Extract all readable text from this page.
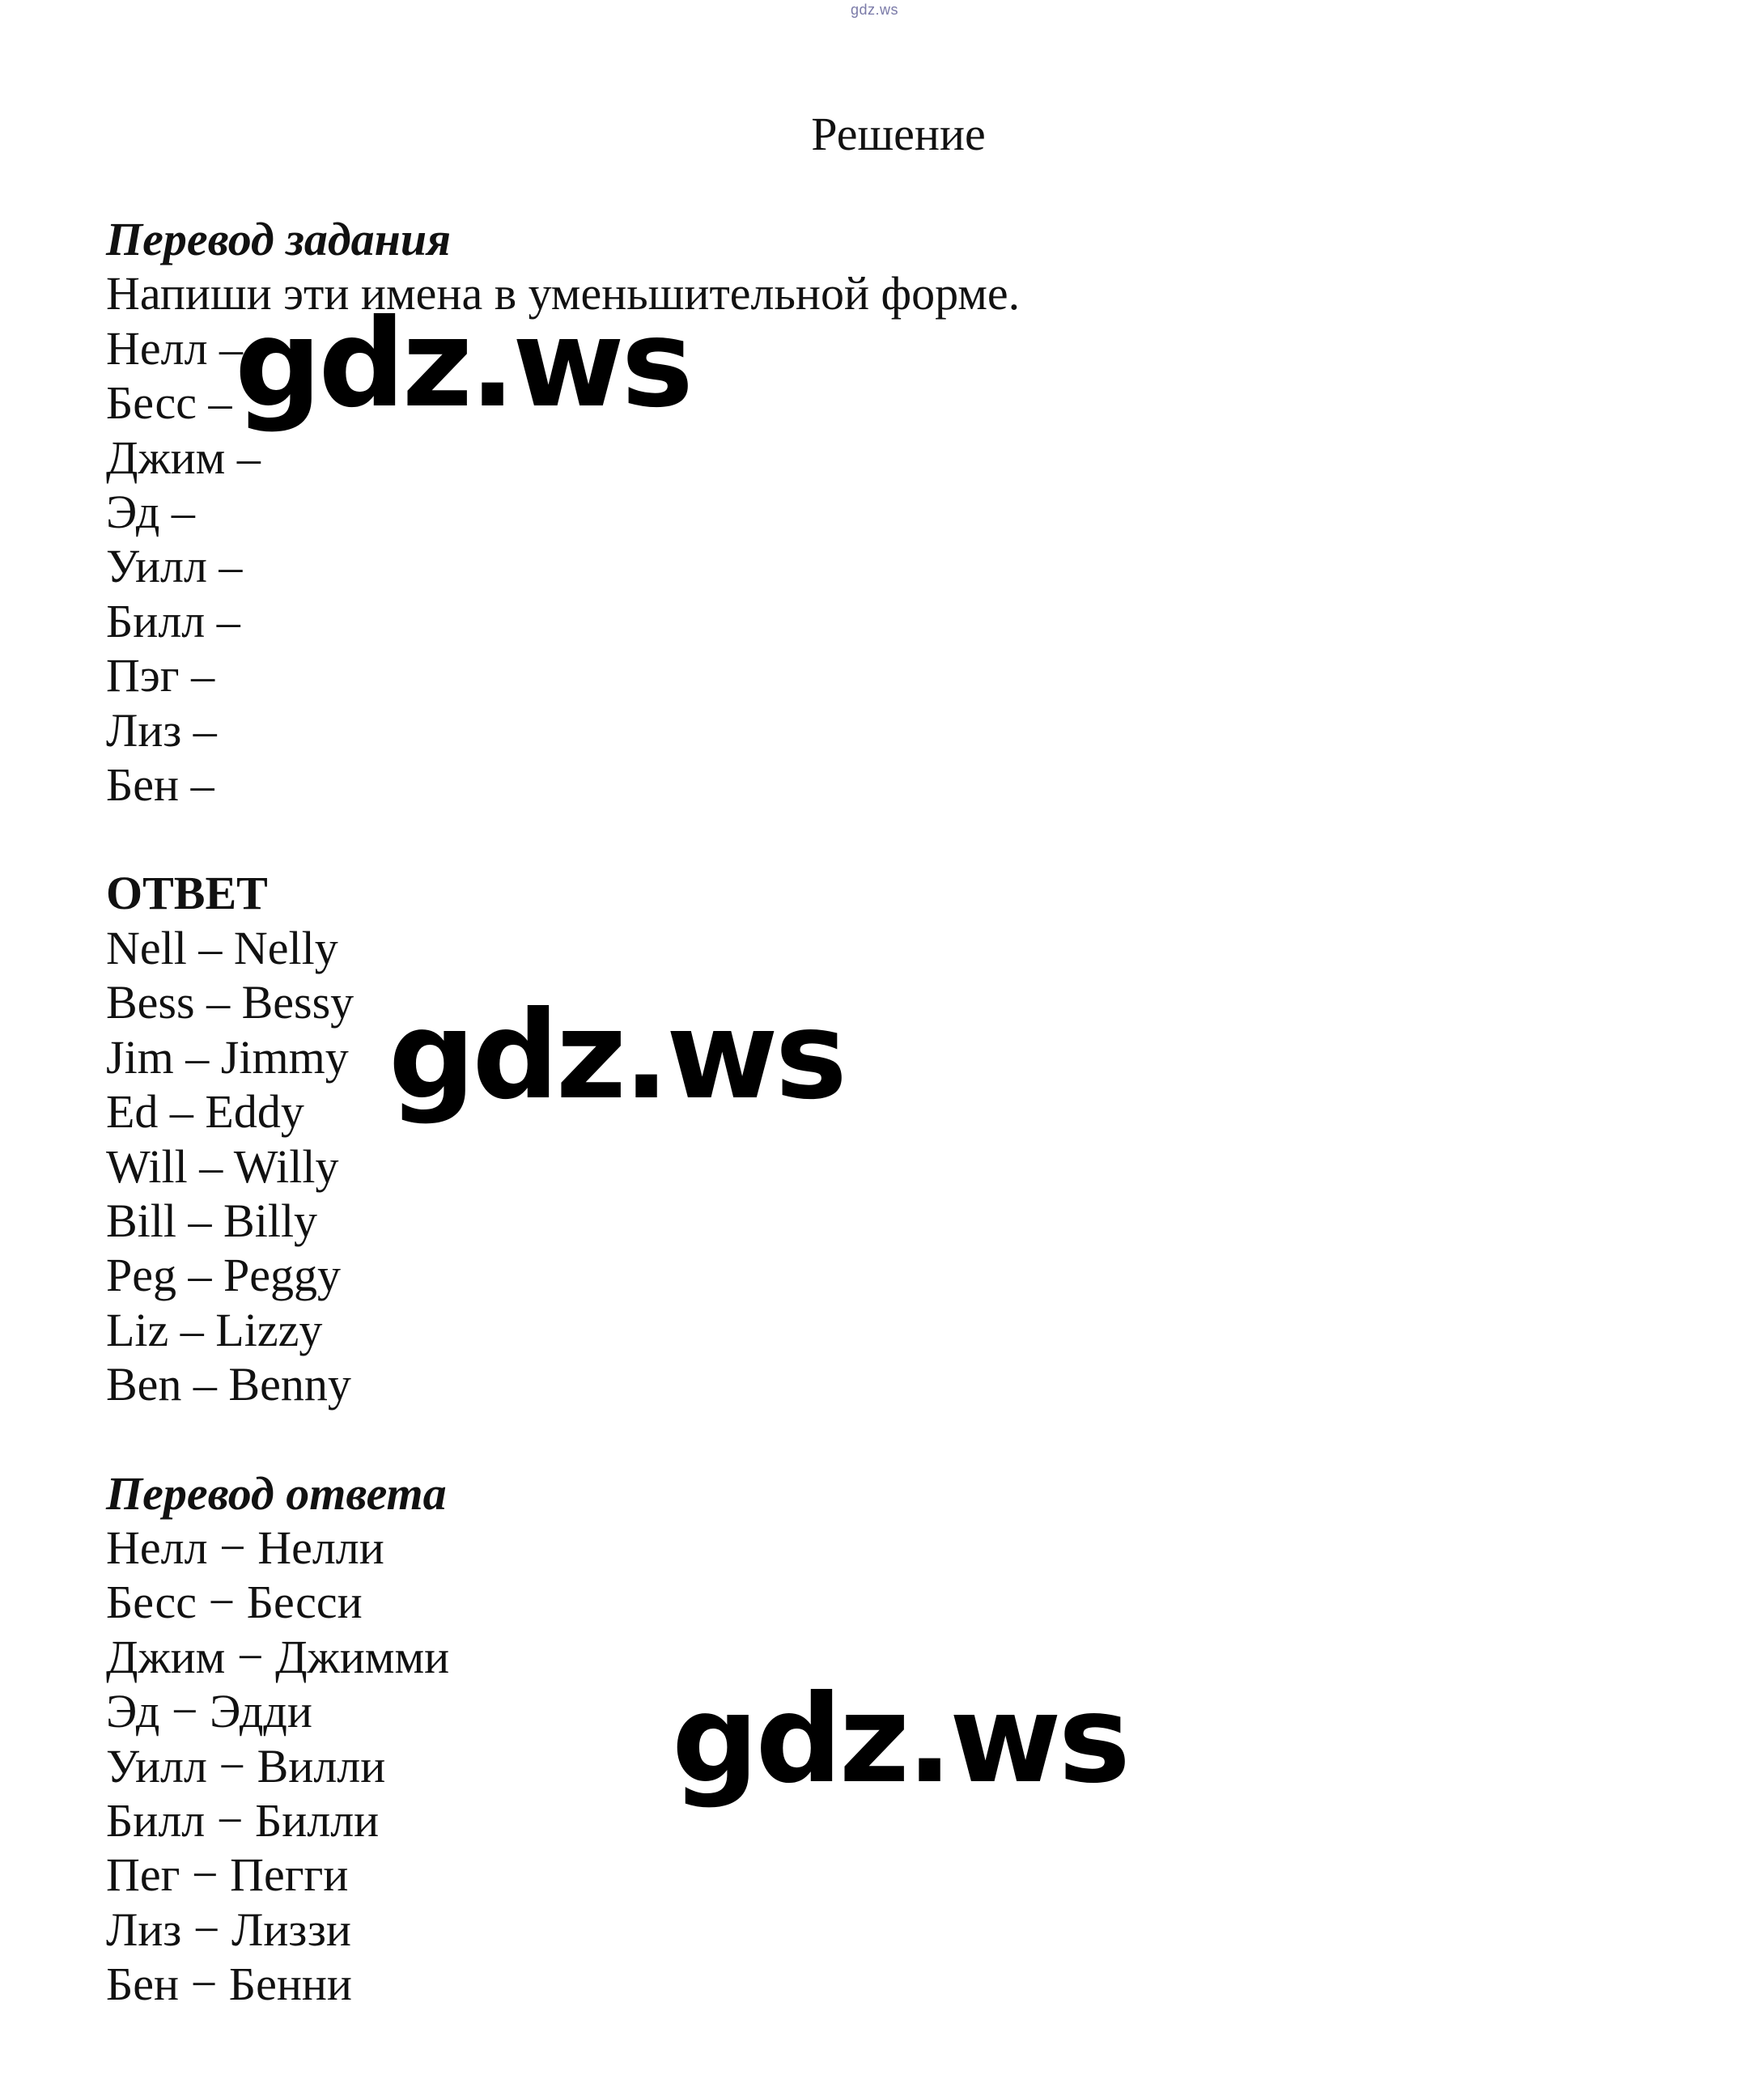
gdz.ws
Решение
Перевод задания
Напиши эти имена в уменьшительной форме.
Нелл –
Бесс –
Джим –
Эд –
Уилл –
Билл –
Пэг –
Лиз –
Бен –
ОТВЕТ
Nell – Nelly
Bess – Bessy
Jim – Jimmy
Ed – Eddy
Will – Willy
Bill – Billy
Peg – Peggy
Liz – Lizzy
Ben – Benny
Перевод ответа
Нелл − Нелли
Бесс − Бесси
Джим − Джимми
Эд − Эдди
Уилл − Вилли
Билл − Билли
Пег − Пегги
Лиз − Лиззи
Бен − Бенни
gdz.ws
gdz.ws
gdz.ws
